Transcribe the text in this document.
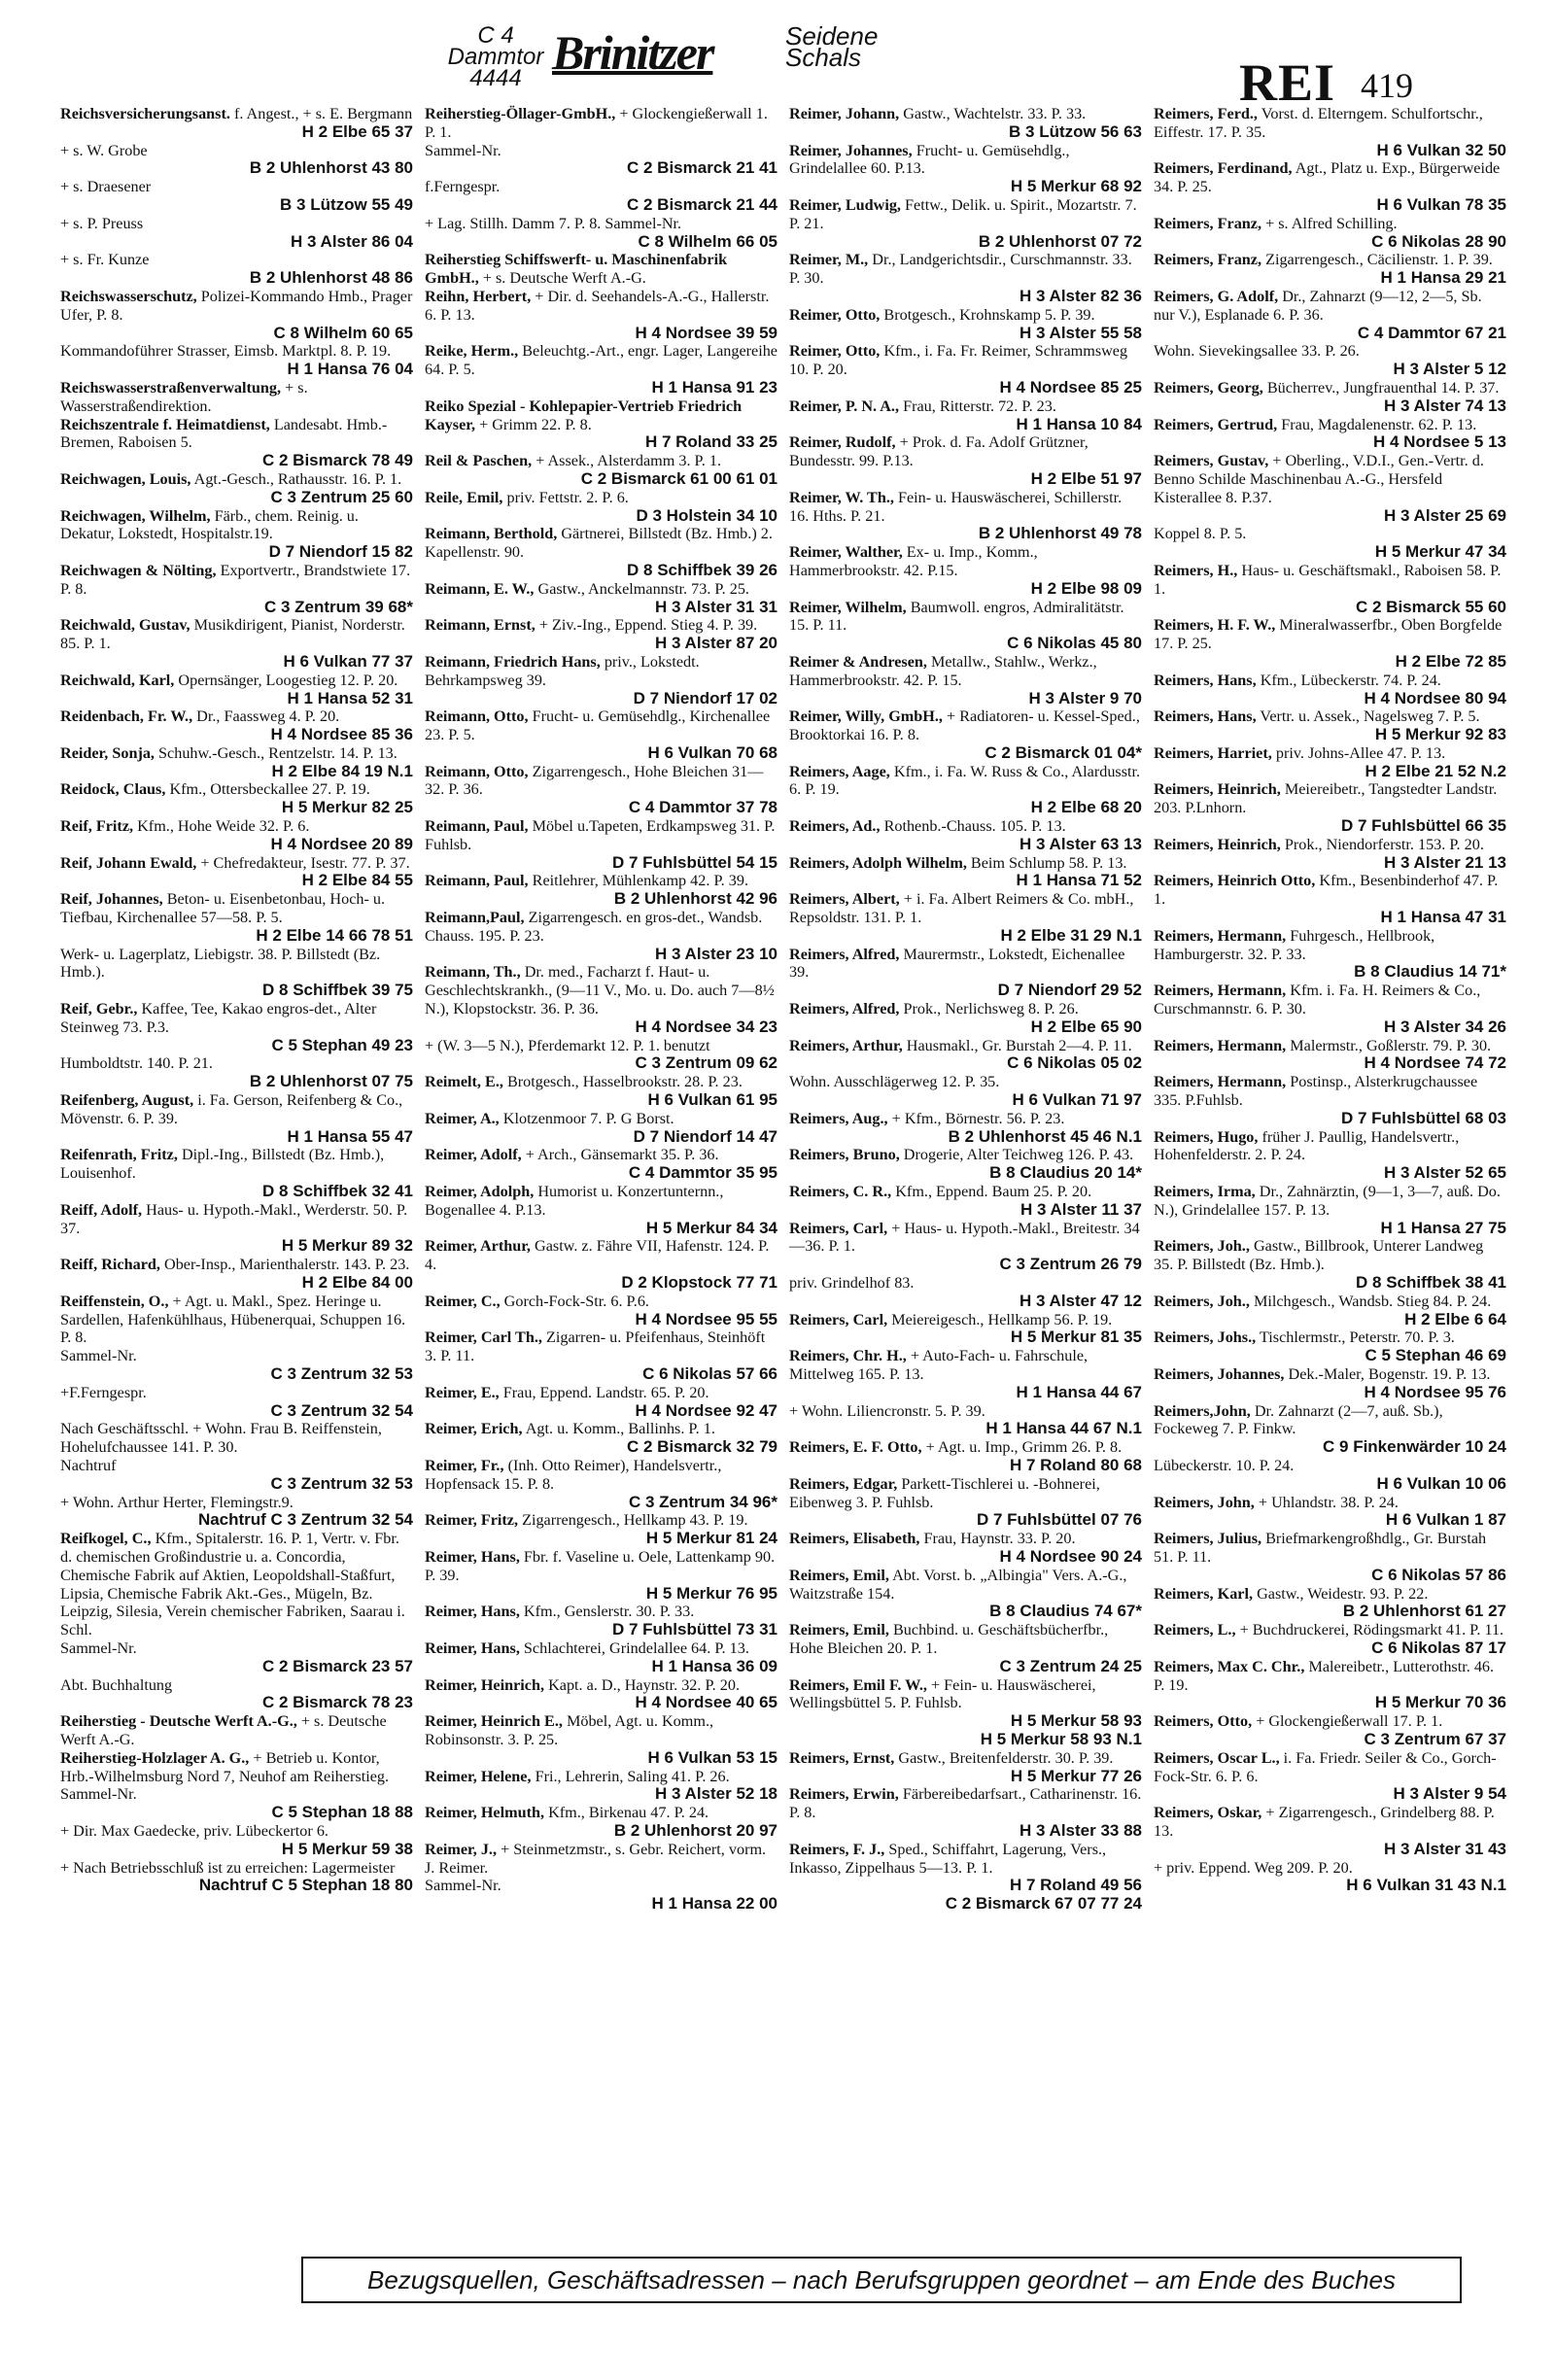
C 4 Dammtor
4444 Brinitzer	Seidene
Schals	REI 419
Reichsversicherungsanst. f. Angest., + s. E. Bergmann
H 2 Elbe 65 37
+ s. W. Grobe
B 2 Uhlenhorst 43 80
+ s. Draesener
B 3 Lützow 55 49
+ s. P. Preuss
H 3 Alster 86 04
+ s. Fr. Kunze
B 2 Uhlenhorst 48 86
Reichswasserschutz, Polizei-Kommando Hmb., Prager Ufer, P. 8.
C 8 Wilhelm 60 65
Kommandoführer Strasser, Eimsb. Marktpl. 8. P. 19.
H 1 Hansa 76 04
Reichswasserstraßenverwaltung, + s. Wasserstraßendirektion.
Reichszentrale f. Heimatdienst, Landesabt. Hmb.-Bremen, Raboisen 5.
C 2 Bismarck 78 49
Reichwagen, Louis, Agt.-Gesch., Rathausstr. 16. P. 1.
C 3 Zentrum 25 60
Reichwagen, Wilhelm, Färb., chem. Reinig. u. Dekatur, Lokstedt, Hospitalstr.19.
D 7 Niendorf 15 82
Reichwagen & Nölting, Exportvertr., Brandstwiete 17. P. 8.
C 3 Zentrum 39 68*
Reichwald, Gustav, Musikdirigent, Pianist, Norderstr. 85. P. 1.
H 6 Vulkan 77 37
Reichwald, Karl, Opernsänger, Loogestieg 12. P. 20.
H 1 Hansa 52 31
Reidenbach, Fr. W., Dr., Faassweg 4. P. 20.
H 4 Nordsee 85 36
Reider, Sonja, Schuhw.-Gesch., Rentzelstr. 14. P. 13.
H 2 Elbe 84 19 N.1
Reidock, Claus, Kfm., Ottersbeckallee 27. P. 19.
H 5 Merkur 82 25
Reif, Fritz, Kfm., Hohe Weide 32. P. 6.
H 4 Nordsee 20 89
Reif, Johann Ewald, + Chefredakteur, Isestr. 77. P. 37.
H 2 Elbe 84 55
Reif, Johannes, Beton- u. Eisenbetonbau, Hoch- u. Tiefbau, Kirchenallee 57—58. P. 5.
H 2 Elbe 14 66 78 51
Werk- u. Lagerplatz, Liebigstr. 38. P. Billstedt (Bz. Hmb.).
D 8 Schiffbek 39 75
Reif, Gebr., Kaffee, Tee, Kakao engros-det., Alter Steinweg 73. P.3.
C 5 Stephan 49 23
Humboldtstr. 140. P. 21.
B 2 Uhlenhorst 07 75
Reifenberg, August, i. Fa. Gerson, Reifenberg & Co., Mövenstr. 6. P. 39.
H 1 Hansa 55 47
Reifenrath, Fritz, Dipl.-Ing., Billstedt (Bz. Hmb.), Louisenhof.
D 8 Schiffbek 32 41
Reiff, Adolf, Haus- u. Hypoth.-Makl., Werderstr. 50. P. 37.
H 5 Merkur 89 32
Reiff, Richard, Ober-Insp., Marienthalerstr. 143. P. 23.
H 2 Elbe 84 00
Reiffenstein, O., + Agt. u. Makl., Spez. Heringe u. Sardellen, Hafenkühlhaus, Hübenerquai, Schuppen 16. P. 8.
Sammel-Nr.
C 3 Zentrum 32 53
+F.Ferngespr.
C 3 Zentrum 32 54
Nach Geschäftsschl. + Wohn. Frau B. Reiffenstein, Hohelufchaussee 141. P. 30.
Nachtruf
C 3 Zentrum 32 53
+ Wohn. Arthur Herter, Flemingstr.9.
Nachtruf C 3 Zentrum 32 54
Reifkogel, C., Kfm., Spitalerstr. 16. P. 1, Vertr. v. Fbr. d. chemischen Großindustrie u. a. Concordia, Chemische Fabrik auf Aktien, Leopoldshall-Staßfurt, Lipsia, Chemische Fabrik Akt.-Ges., Mügeln, Bz. Leipzig, Silesia, Verein chemischer Fabriken, Saarau i. Schl.
Sammel-Nr.
C 2 Bismarck 23 57
Abt. Buchhaltung
C 2 Bismarck 78 23
Reiherstieg - Deutsche Werft A.-G., + s. Deutsche Werft A.-G.
Reiherstieg-Holzlager A. G., + Betrieb u. Kontor, Hrb.-Wilhelmsburg Nord 7, Neuhof am Reiherstieg.
Sammel-Nr.
C 5 Stephan 18 88
+ Dir. Max Gaedecke, priv. Lübeckertor 6.
H 5 Merkur 59 38
+ Nach Betriebsschluß ist zu erreichen: Lagermeister
Nachtruf C 5 Stephan 18 80
Reiherstieg-Öllager-GmbH., + Glockengießerwall 1. P. 1.
Sammel-Nr.
C 2 Bismarck 21 41
f.Ferngespr.
C 2 Bismarck 21 44
+ Lag. Stillh. Damm 7. P. 8. Sammel-Nr.
C 8 Wilhelm 66 05
Reiherstieg Schiffswerft- u. Maschinenfabrik GmbH., + s. Deutsche Werft A.-G.
Reihn, Herbert, + Dir. d. Seehandels-A.-G., Hallerstr. 6. P. 13.
H 4 Nordsee 39 59
Reike, Herm., Beleuchtg.-Art., engr. Lager, Langereihe 64. P. 5.
H 1 Hansa 91 23
Reiko Spezial - Kohlepapier-Vertrieb Friedrich Kayser, + Grimm 22. P. 8.
H 7 Roland 33 25
Reil & Paschen, + Assek., Alsterdamm 3. P. 1.
C 2 Bismarck 61 00 61 01
Reile, Emil, priv. Fettstr. 2. P. 6.
D 3 Holstein 34 10
Reimann, Berthold, Gärtnerei, Billstedt (Bz. Hmb.) 2. Kapellenstr. 90.
D 8 Schiffbek 39 26
Reimann, E. W., Gastw., Anckelmannstr. 73. P. 25.
H 3 Alster 31 31
Reimann, Ernst, + Ziv.-Ing., Eppend. Stieg 4. P. 39.
H 3 Alster 87 20
Reimann, Friedrich Hans, priv., Lokstedt. Behrkampsweg 39.
D 7 Niendorf 17 02
Reimann, Otto, Frucht- u. Gemüsehdlg., Kirchenallee 23. P. 5.
H 6 Vulkan 70 68
Reimann, Otto, Zigarrengesch., Hohe Bleichen 31—32. P. 36.
C 4 Dammtor 37 78
Reimann, Paul, Möbel u.Tapeten, Erdkampsweg 31. P. Fuhlsb.
D 7 Fuhlsbüttel 54 15
Reimann, Paul, Reitlehrer, Mühlenkamp 42. P. 39.
B 2 Uhlenhorst 42 96
Reimann,Paul, Zigarrengesch. en gros-det., Wandsb. Chauss. 195. P. 23.
H 3 Alster 23 10
Reimann, Th., Dr. med., Facharzt f. Haut- u. Geschlechtskrankh., (9—11 V., Mo. u. Do. auch 7—8½ N.), Klopstockstr. 36. P. 36.
H 4 Nordsee 34 23
+ (W. 3—5 N.), Pferdemarkt 12. P. 1. benutzt
C 3 Zentrum 09 62
Reimelt, E., Brotgesch., Hasselbrookstr. 28. P. 23.
H 6 Vulkan 61 95
Reimer, A., Klotzenmoor 7. P. G Borst.
D 7 Niendorf 14 47
Reimer, Adolf, + Arch., Gänsemarkt 35. P. 36.
C 4 Dammtor 35 95
Reimer, Adolph, Humorist u. Konzertunternn., Bogenallee 4. P.13.
H 5 Merkur 84 34
Reimer, Arthur, Gastw. z. Fähre VII, Hafenstr. 124. P. 4.
D 2 Klopstock 77 71
Reimer, C., Gorch-Fock-Str. 6. P.6.
H 4 Nordsee 95 55
Reimer, Carl Th., Zigarren- u. Pfeifenhaus, Steinhöft 3. P. 11.
C 6 Nikolas 57 66
Reimer, E., Frau, Eppend. Landstr. 65. P. 20.
H 4 Nordsee 92 47
Reimer, Erich, Agt. u. Komm., Ballinhs. P. 1.
C 2 Bismarck 32 79
Reimer, Fr., (Inh. Otto Reimer), Handelsvertr., Hopfensack 15. P. 8.
C 3 Zentrum 34 96*
Reimer, Fritz, Zigarrengesch., Hellkamp 43. P. 19.
H 5 Merkur 81 24
Reimer, Hans, Fbr. f. Vaseline u. Oele, Lattenkamp 90. P. 39.
H 5 Merkur 76 95
Reimer, Hans, Kfm., Genslerstr. 30. P. 33.
D 7 Fuhlsbüttel 73 31
Reimer, Hans, Schlachterei, Grindelallee 64. P. 13.
H 1 Hansa 36 09
Reimer, Heinrich, Kapt. a. D., Haynstr. 32. P. 20.
H 4 Nordsee 40 65
Reimer, Heinrich E., Möbel, Agt. u. Komm., Robinsonstr. 3. P. 25.
H 6 Vulkan 53 15
Reimer, Helene, Fri., Lehrerin, Saling 41. P. 26.
H 3 Alster 52 18
Reimer, Helmuth, Kfm., Birkenau 47. P. 24.
B 2 Uhlenhorst 20 97
Reimer, J., + Steinmetzmstr., s. Gebr. Reichert, vorm. J. Reimer.
Sammel-Nr.
H 1 Hansa 22 00
Reimer, Johann, Gastw., Wachtelstr. 33. P. 33.
B 3 Lützow 56 63
Reimer, Johannes, Frucht- u. Gemüsehdlg., Grindelallee 60. P.13.
H 5 Merkur 68 92
Reimer, Ludwig, Fettw., Delik. u. Spirit., Mozartstr. 7. P. 21.
B 2 Uhlenhorst 07 72
Reimer, M., Dr., Landgerichtsdir., Curschmannstr. 33. P. 30.
H 3 Alster 82 36
Reimer, Otto, Brotgesch., Krohnskamp 5. P. 39.
H 3 Alster 55 58
Reimer, Otto, Kfm., i. Fa. Fr. Reimer, Schrammsweg 10. P. 20.
H 4 Nordsee 85 25
Reimer, P. N. A., Frau, Ritterstr. 72. P. 23.
H 1 Hansa 10 84
Reimer, Rudolf, + Prok. d. Fa. Adolf Grützner, Bundesstr. 99. P.13.
H 2 Elbe 51 97
Reimer, W. Th., Fein- u. Hauswäscherei, Schillerstr. 16. Hths. P. 21.
B 2 Uhlenhorst 49 78
Reimer, Walther, Ex- u. Imp., Komm., Hammerbrookstr. 42. P.15.
H 2 Elbe 98 09
Reimer, Wilhelm, Baumwoll. engros, Admiralitätstr. 15. P. 11.
C 6 Nikolas 45 80
Reimer & Andresen, Metallw., Stahlw., Werkz., Hammerbrookstr. 42. P. 15.
H 3 Alster 9 70
Reimer, Willy, GmbH., + Radiatoren- u. Kessel-Sped., Brooktorkai 16. P. 8.
C 2 Bismarck 01 04*
Reimers, Aage, Kfm., i. Fa. W. Russ & Co., Alardusstr. 6. P. 19.
H 2 Elbe 68 20
Reimers, Ad., Rothenb.-Chauss. 105. P. 13.
H 3 Alster 63 13
Reimers, Adolph Wilhelm, Beim Schlump 58. P. 13.
H 1 Hansa 71 52
Reimers, Albert, + i. Fa. Albert Reimers & Co. mbH., Repsoldstr. 131. P. 1.
H 2 Elbe 31 29 N.1
Reimers, Alfred, Maurermstr., Lokstedt, Eichenallee 39.
D 7 Niendorf 29 52
Reimers, Alfred, Prok., Nerlichsweg 8. P. 26.
H 2 Elbe 65 90
Reimers, Arthur, Hausmakl., Gr. Burstah 2—4. P. 11.
C 6 Nikolas 05 02
Wohn. Ausschlägerweg 12. P. 35.
H 6 Vulkan 71 97
Reimers, Aug., + Kfm., Börnestr. 56. P. 23.
B 2 Uhlenhorst 45 46 N.1
Reimers, Bruno, Drogerie, Alter Teichweg 126. P. 43.
B 8 Claudius 20 14*
Reimers, C. R., Kfm., Eppend. Baum 25. P. 20.
H 3 Alster 11 37
Reimers, Carl, + Haus- u. Hypoth.-Makl., Breitestr. 34—36. P. 1.
C 3 Zentrum 26 79
priv. Grindelhof 83.
H 3 Alster 47 12
Reimers, Carl, Meiereigesch., Hellkamp 56. P. 19.
H 5 Merkur 81 35
Reimers, Chr. H., + Auto-Fach- u. Fahrschule, Mittelweg 165. P. 13.
H 1 Hansa 44 67
+ Wohn. Liliencronstr. 5. P. 39.
H 1 Hansa 44 67 N.1
Reimers, E. F. Otto, + Agt. u. Imp., Grimm 26. P. 8.
H 7 Roland 80 68
Reimers, Edgar, Parkett-Tischlerei u. -Bohnerei, Eibenweg 3. P. Fuhlsb.
D 7 Fuhlsbüttel 07 76
Reimers, Elisabeth, Frau, Haynstr. 33. P. 20.
H 4 Nordsee 90 24
Reimers, Emil, Abt. Vorst. b. „Albingia" Vers. A.-G., Waitzstraße 154.
B 8 Claudius 74 67*
Reimers, Emil, Buchbind. u. Geschäftsbücherfbr., Hohe Bleichen 20. P. 1.
C 3 Zentrum 24 25
Reimers, Emil F. W., + Fein- u. Hauswäscherei, Wellingsbüttel 5. P. Fuhlsb.
H 5 Merkur 58 93
H 5 Merkur 58 93 N.1
Reimers, Ernst, Gastw., Breitenfelderstr. 30. P. 39.
H 5 Merkur 77 26
Reimers, Erwin, Färbereibedarfsart., Catharinenstr. 16. P. 8.
H 3 Alster 33 88
Reimers, F. J., Sped., Schiffahrt, Lagerung, Vers., Inkasso, Zippelhaus 5—13. P. 1.
H 7 Roland 49 56
C 2 Bismarck 67 07 77 24
Reimers, Ferd., Vorst. d. Elterngem. Schulfortschr., Eiffestr. 17. P. 35.
H 6 Vulkan 32 50
Reimers, Ferdinand, Agt., Platz u. Exp., Bürgerweide 34. P. 25.
H 6 Vulkan 78 35
Reimers, Franz, + s. Alfred Schilling.
C 6 Nikolas 28 90
Reimers, Franz, Zigarrengesch., Cäcilienstr. 1. P. 39.
H 1 Hansa 29 21
Reimers, G. Adolf, Dr., Zahnarzt (9—12, 2—5, Sb. nur V.), Esplanade 6. P. 36.
C 4 Dammtor 67 21
Wohn. Sievekingsallee 33. P. 26.
H 3 Alster 5 12
Reimers, Georg, Bücherrev., Jungfrauenthal 14. P. 37.
H 3 Alster 74 13
Reimers, Gertrud, Frau, Magdalenenstr. 62. P. 13.
H 4 Nordsee 5 13
Reimers, Gustav, + Oberling., V.D.I., Gen.-Vertr. d. Benno Schilde Maschinenbau A.-G., Hersfeld Kisterallee 8. P.37.
H 3 Alster 25 69
Koppel 8. P. 5.
H 5 Merkur 47 34
Reimers, H., Haus- u. Geschäftsmakl., Raboisen 58. P. 1.
C 2 Bismarck 55 60
Reimers, H. F. W., Mineralwasserfbr., Oben Borgfelde 17. P. 25.
H 2 Elbe 72 85
Reimers, Hans, Kfm., Lübeckerstr. 74. P. 24.
H 4 Nordsee 80 94
Reimers, Hans, Vertr. u. Assek., Nagelsweg 7. P. 5.
H 5 Merkur 92 83
Reimers, Harriet, priv. Johns-Allee 47. P. 13.
H 2 Elbe 21 52 N.2
Reimers, Heinrich, Meiereibetr., Tangstedter Landstr. 203. P.Lnhorn.
D 7 Fuhlsbüttel 66 35
Reimers, Heinrich, Prok., Niendorferstr. 153. P. 20.
H 3 Alster 21 13
Reimers, Heinrich Otto, Kfm., Besenbinderhof 47. P. 1.
H 1 Hansa 47 31
Reimers, Hermann, Fuhrgesch., Hellbrook, Hamburgerstr. 32. P. 33.
B 8 Claudius 14 71*
Reimers, Hermann, Kfm. i. Fa. H. Reimers & Co., Curschmannstr. 6. P. 30.
H 3 Alster 34 26
Reimers, Hermann, Malermstr., Goßlerstr. 79. P. 30.
H 4 Nordsee 74 72
Reimers, Hermann, Postinsp., Alsterkrugchaussee 335. P.Fuhlsb.
D 7 Fuhlsbüttel 68 03
Reimers, Hugo, früher J. Paullig, Handelsvertr., Hohenfelderstr. 2. P. 24.
H 3 Alster 52 65
Reimers, Irma, Dr., Zahnärztin, (9—1, 3—7, auß. Do. N.), Grindelallee 157. P. 13.
H 1 Hansa 27 75
Reimers, Joh., Gastw., Billbrook, Unterer Landweg 35. P. Billstedt (Bz. Hmb.).
D 8 Schiffbek 38 41
Reimers, Joh., Milchgesch., Wandsb. Stieg 84. P. 24.
H 2 Elbe 6 64
Reimers, Johs., Tischlermstr., Peterstr. 70. P. 3.
C 5 Stephan 46 69
Reimers, Johannes, Dek.-Maler, Bogenstr. 19. P. 13.
H 4 Nordsee 95 76
Reimers,John, Dr. Zahnarzt (2—7, auß. Sb.), Fockeweg 7. P. Finkw.
C 9 Finkenwärder 10 24
Lübeckerstr. 10. P. 24.
H 6 Vulkan 10 06
Reimers, John, + Uhlandstr. 38. P. 24.
H 6 Vulkan 1 87
Reimers, Julius, Briefmarkengroßhdlg., Gr. Burstah 51. P. 11.
C 6 Nikolas 57 86
Reimers, Karl, Gastw., Weidestr. 93. P. 22.
B 2 Uhlenhorst 61 27
Reimers, L., + Buchdruckerei, Rödingsmarkt 41. P. 11.
C 6 Nikolas 87 17
Reimers, Max C. Chr., Malereibetr., Lutterothstr. 46. P. 19.
H 5 Merkur 70 36
Reimers, Otto, + Glockengießerwall 17. P. 1.
C 3 Zentrum 67 37
Reimers, Oscar L., i. Fa. Friedr. Seiler & Co., Gorch-Fock-Str. 6. P. 6.
H 3 Alster 9 54
Reimers, Oskar, + Zigarrengesch., Grindelberg 88. P. 13.
H 3 Alster 31 43
+ priv. Eppend. Weg 209. P. 20.
H 6 Vulkan 31 43 N.1
Bezugsquellen, Geschäftsadressen – nach Berufsgruppen geordnet – am Ende des Buches
